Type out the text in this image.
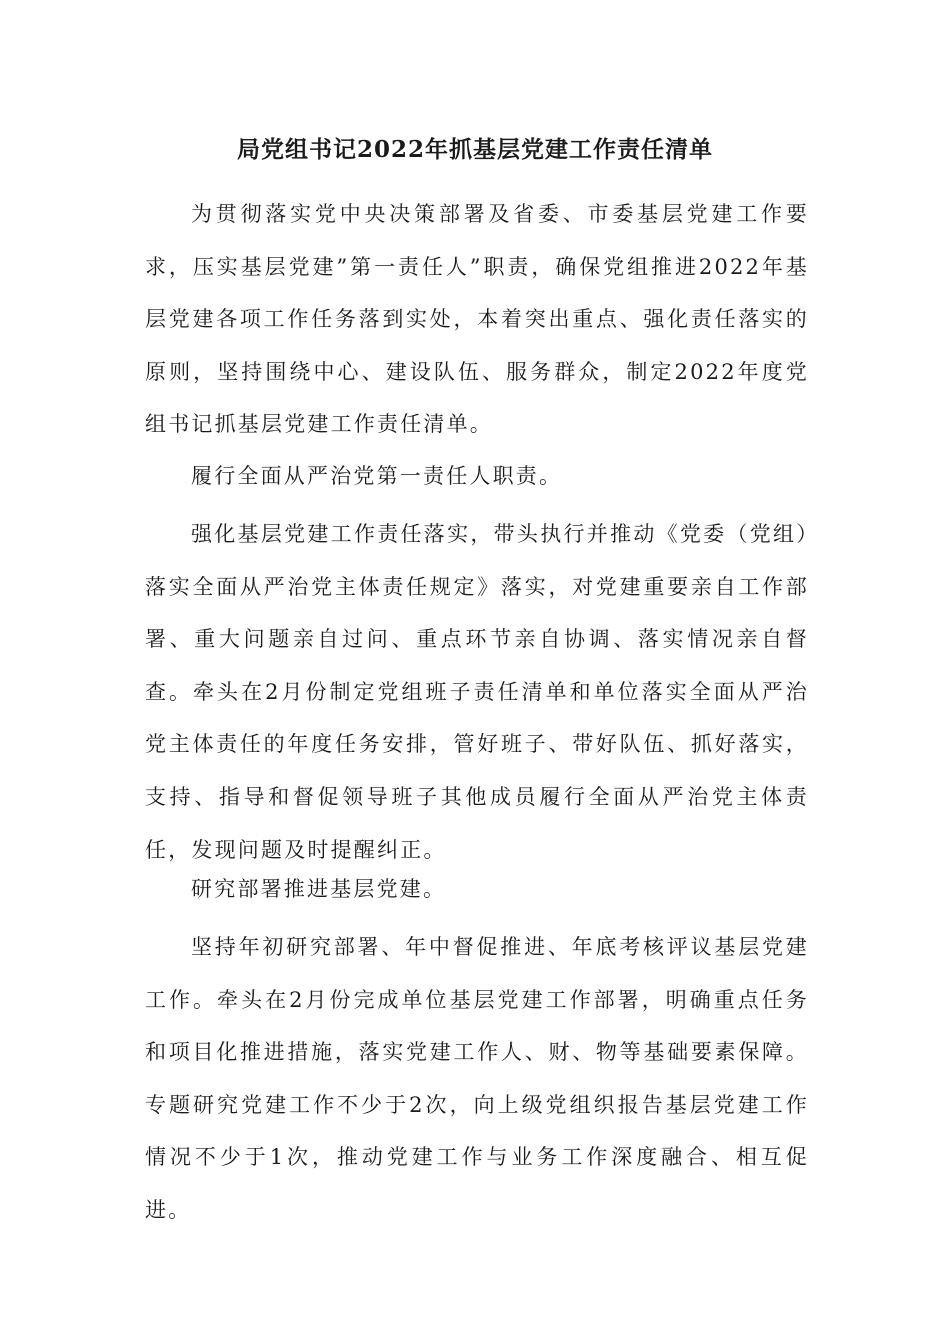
局党组书记2022年抓基层党建工作责任清单

为贯彻落实党中央决策部署及省委、市委基层党建工作要求，压实基层党建”第一责任人”职责，确保党组推进2022年基层党建各项工作任务落到实处，本着突出重点、强化责任落实的原则，坚持围绕中心、建设队伍、服务群众，制定2022年度党组书记抓基层党建工作责任清单。

履行全面从严治党第一责任人职责。

强化基层党建工作责任落实，带头执行并推动《党委（党组）落实全面从严治党主体责任规定》落实，对党建重要亲自工作部署、重大问题亲自过问、重点环节亲自协调、落实情况亲自督查。牵头在2月份制定党组班子责任清单和单位落实全面从严治党主体责任的年度任务安排，管好班子、带好队伍、抓好落实，支持、指导和督促领导班子其他成员履行全面从严治党主体责任，发现问题及时提醒纠正。

研究部署推进基层党建。

坚持年初研究部署、年中督促推进、年底考核评议基层党建工作。牵头在2月份完成单位基层党建工作部署，明确重点任务和项目化推进措施，落实党建工作人、财、物等基础要素保障。专题研究党建工作不少于2次，向上级党组织报告基层党建工作情况不少于1次，推动党建工作与业务工作深度融合、相互促进。
